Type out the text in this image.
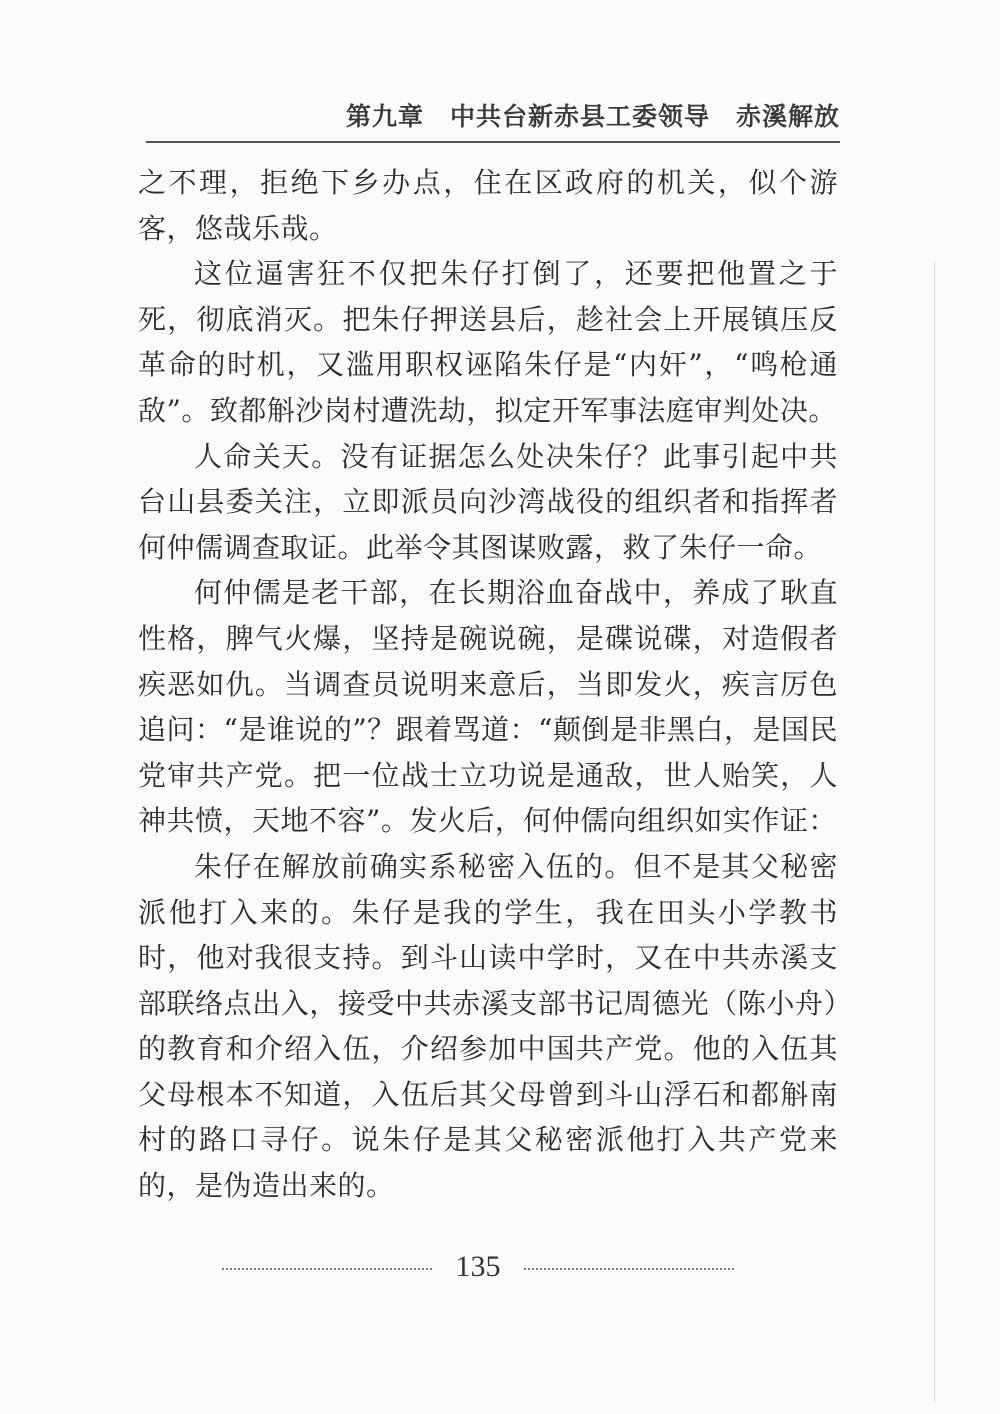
第九章　中共台新赤县工委领导　赤溪解放

之不理，拒绝下乡办点，住在区政府的机关，似个游客，悠哉乐哉。

这位逼害狂不仅把朱仔打倒了，还要把他置之于死，彻底消灭。把朱仔押送县后，趁社会上开展镇压反革命的时机，又滥用职权诬陷朱仔是“内奸”，“鸣枪通敌”。致都斛沙岗村遭洗劫，拟定开军事法庭审判处决。

人命关天。没有证据怎么处决朱仔？此事引起中共台山县委关注，立即派员向沙湾战役的组织者和指挥者何仲儒调查取证。此举令其图谋败露，救了朱仔一命。

何仲儒是老干部，在长期浴血奋战中，养成了耿直性格，脾气火爆，坚持是碗说碗，是碟说碟，对造假者疾恶如仇。当调查员说明来意后，当即发火，疾言厉色追问：“是谁说的”？跟着骂道：“颠倒是非黑白，是国民党审共产党。把一位战士立功说是通敌，世人贻笑，人神共愤，天地不容”。发火后，何仲儒向组织如实作证：

朱仔在解放前确实系秘密入伍的。但不是其父秘密派他打入来的。朱仔是我的学生，我在田头小学教书时，他对我很支持。到斗山读中学时，又在中共赤溪支部联络点出入，接受中共赤溪支部书记周德光（陈小舟）的教育和介绍入伍，介绍参加中国共产党。他的入伍其父母根本不知道，入伍后其父母曾到斗山浮石和都斛南村的路口寻仔。说朱仔是其父秘密派他打入共产党来的，是伪造出来的。

135
